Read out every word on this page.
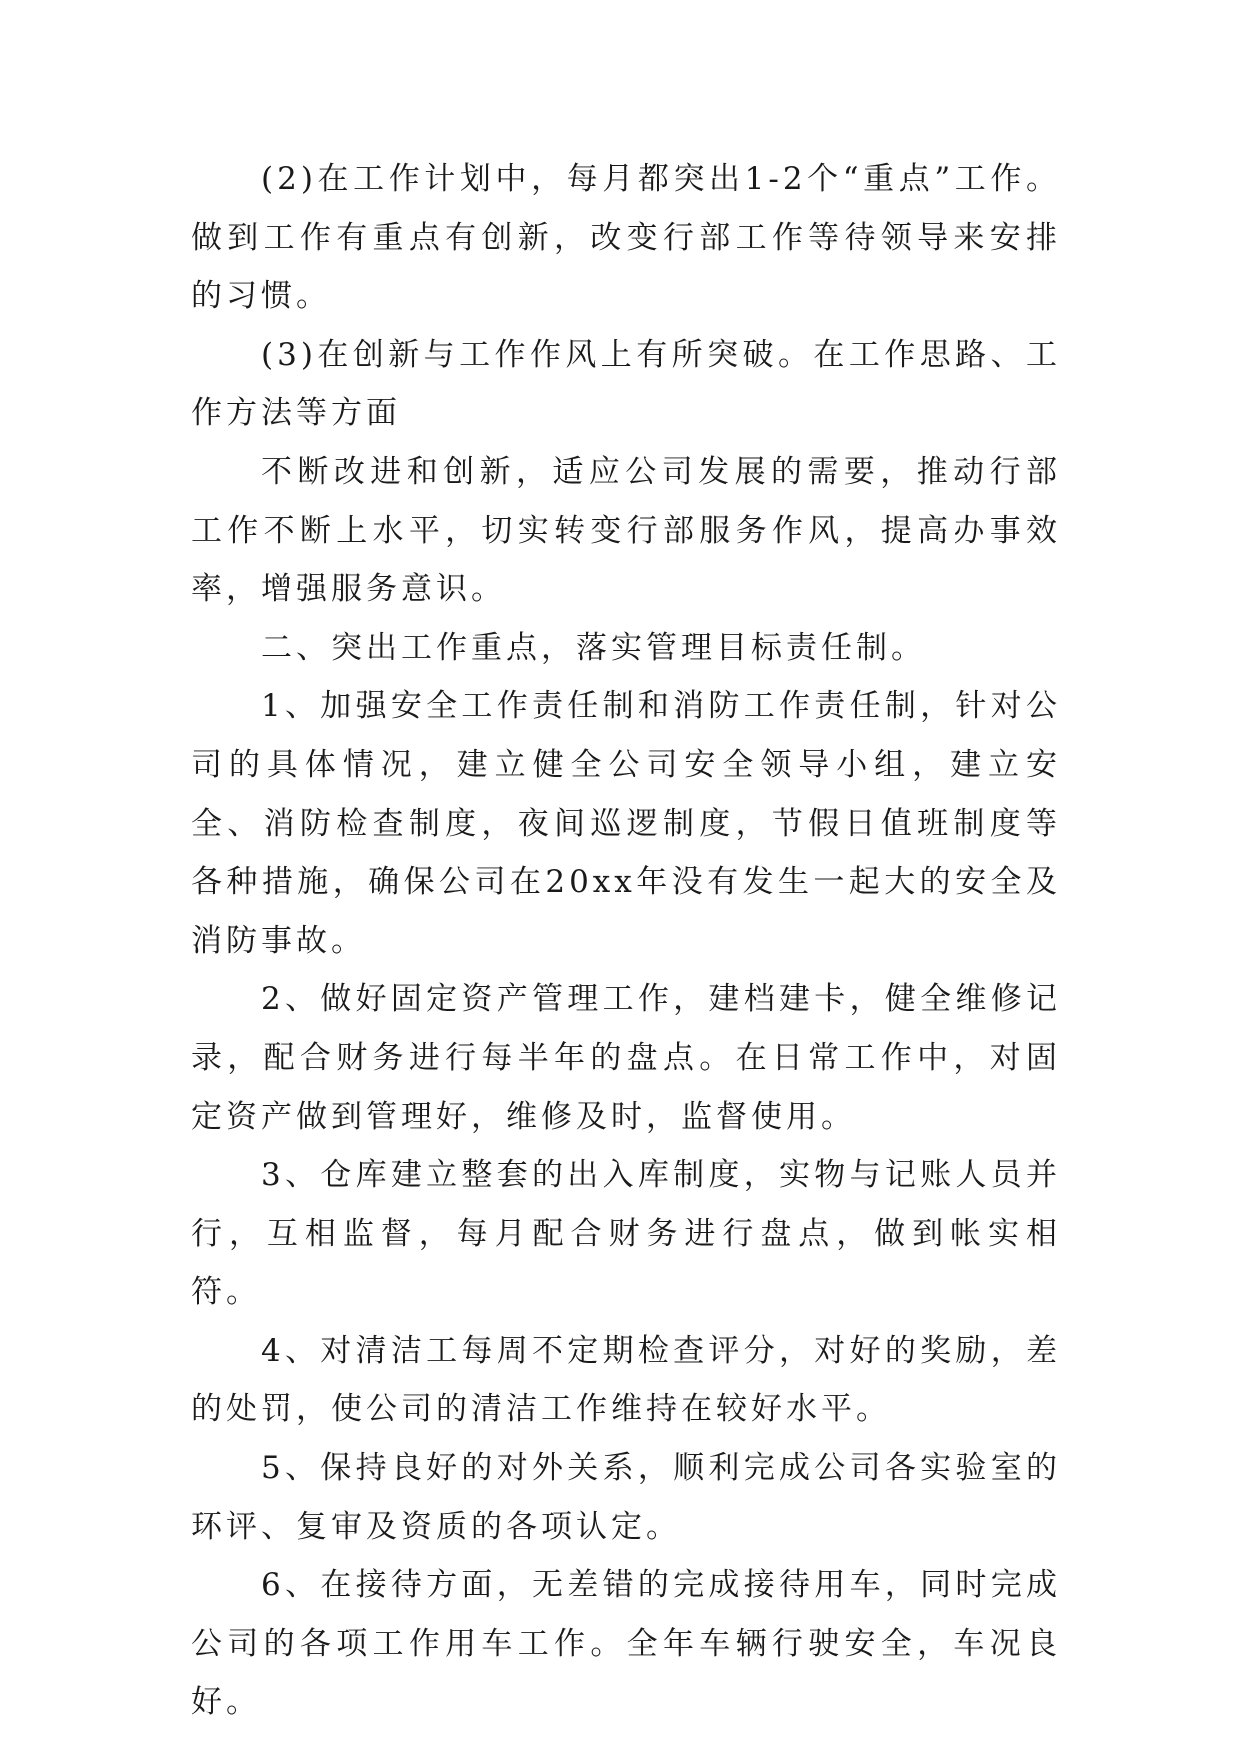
(2)在工作计划中，每月都突出1-2个“重点”工作。做到工作有重点有创新，改变行部工作等待领导来安排的习惯。

(3)在创新与工作作风上有所突破。在工作思路、工作方法等方面

不断改进和创新，适应公司发展的需要，推动行部工作不断上水平，切实转变行部服务作风，提高办事效率，增强服务意识。

二、突出工作重点，落实管理目标责任制。

1、加强安全工作责任制和消防工作责任制，针对公司的具体情况，建立健全公司安全领导小组，建立安全、消防检查制度，夜间巡逻制度，节假日值班制度等各种措施，确保公司在20xx年没有发生一起大的安全及消防事故。

2、做好固定资产管理工作，建档建卡，健全维修记录，配合财务进行每半年的盘点。在日常工作中，对固定资产做到管理好，维修及时，监督使用。

3、仓库建立整套的出入库制度，实物与记账人员并行，互相监督，每月配合财务进行盘点，做到帐实相符。

4、对清洁工每周不定期检查评分，对好的奖励，差的处罚，使公司的清洁工作维持在较好水平。

5、保持良好的对外关系，顺利完成公司各实验室的环评、复审及资质的各项认定。

6、在接待方面，无差错的完成接待用车，同时完成公司的各项工作用车工作。全年车辆行驶安全，车况良好。
